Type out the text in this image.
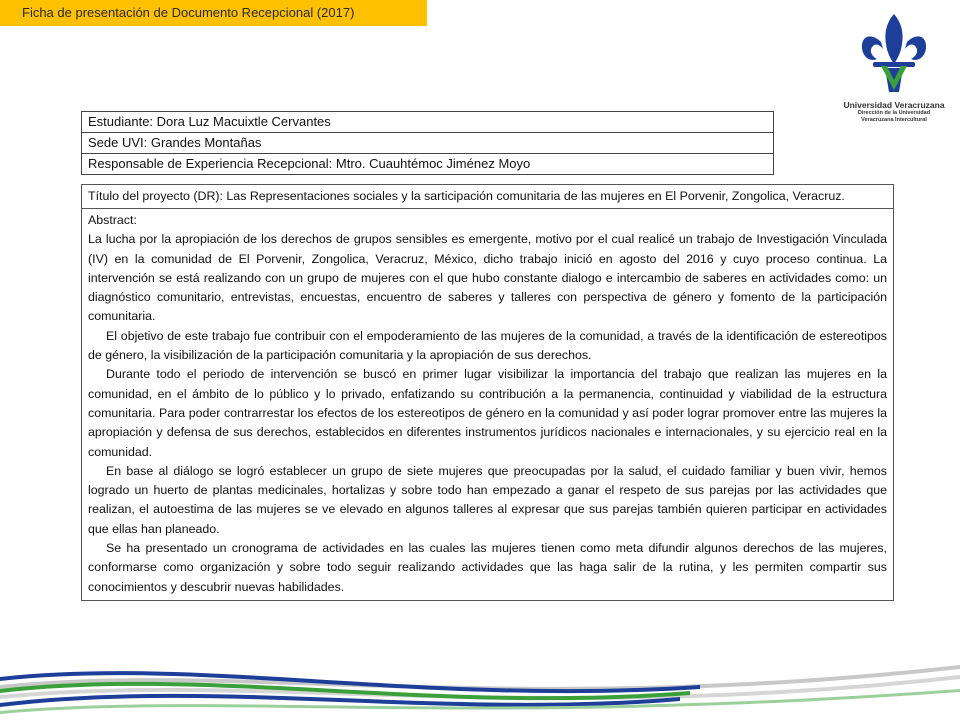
Ficha de presentación de Documento Recepcional (2017)
Universidad Veracruzana
Dirección de la Universidad
Veracruzana Intercultural
Estudiante: Dora Luz Macuixtle Cervantes
Sede UVI: Grandes Montañas
Responsable de Experiencia Recepcional: Mtro. Cuauhtémoc Jiménez Moyo
Título del proyecto (DR): Las Representaciones sociales y la sarticipación comunitaria de las mujeres en El Porvenir, Zongolica, Veracruz.

Abstract:

La lucha por la apropiación de los derechos de grupos sensibles es emergente, motivo por el cual realicé un trabajo de Investigación Vinculada (IV) en la comunidad de El Porvenir, Zongolica, Veracruz, México, dicho trabajo inició en agosto del 2016 y cuyo proceso continua. La intervención se está realizando con un grupo de mujeres con el que hubo constante dialogo e intercambio de saberes en actividades como: un diagnóstico comunitario, entrevistas, encuestas, encuentro de saberes y talleres con perspectiva de género y fomento de la participación comunitaria.

El objetivo de este trabajo fue contribuir con el empoderamiento de las mujeres de la comunidad, a través de la identificación de estereotipos de género, la visibilización de la participación comunitaria y la apropiación de sus derechos.

Durante todo el periodo de intervención se buscó en primer lugar visibilizar la importancia del trabajo que realizan las mujeres en la comunidad, en el ámbito de lo público y lo privado, enfatizando su contribución a la permanencia, continuidad y viabilidad de la estructura comunitaria. Para poder contrarrestar los efectos de los estereotipos de género en la comunidad y así poder lograr promover entre las mujeres la apropiación y defensa de sus derechos, establecidos en diferentes instrumentos jurídicos nacionales e internacionales, y su ejercicio real en la comunidad.

En base al diálogo se logró establecer un grupo de siete mujeres que preocupadas por la salud, el cuidado familiar y buen vivir, hemos logrado un huerto de plantas medicinales, hortalizas y sobre todo han empezado a ganar el respeto de sus parejas por las actividades que realizan, el autoestima de las mujeres se ve elevado en algunos talleres al expresar que sus parejas también quieren participar en actividades que ellas han planeado.

Se ha presentado un cronograma de actividades en las cuales las mujeres tienen como meta difundir algunos derechos de las mujeres, conformarse como organización y sobre todo seguir realizando actividades que las haga salir de la rutina, y les permiten compartir sus conocimientos y descubrir nuevas habilidades.
